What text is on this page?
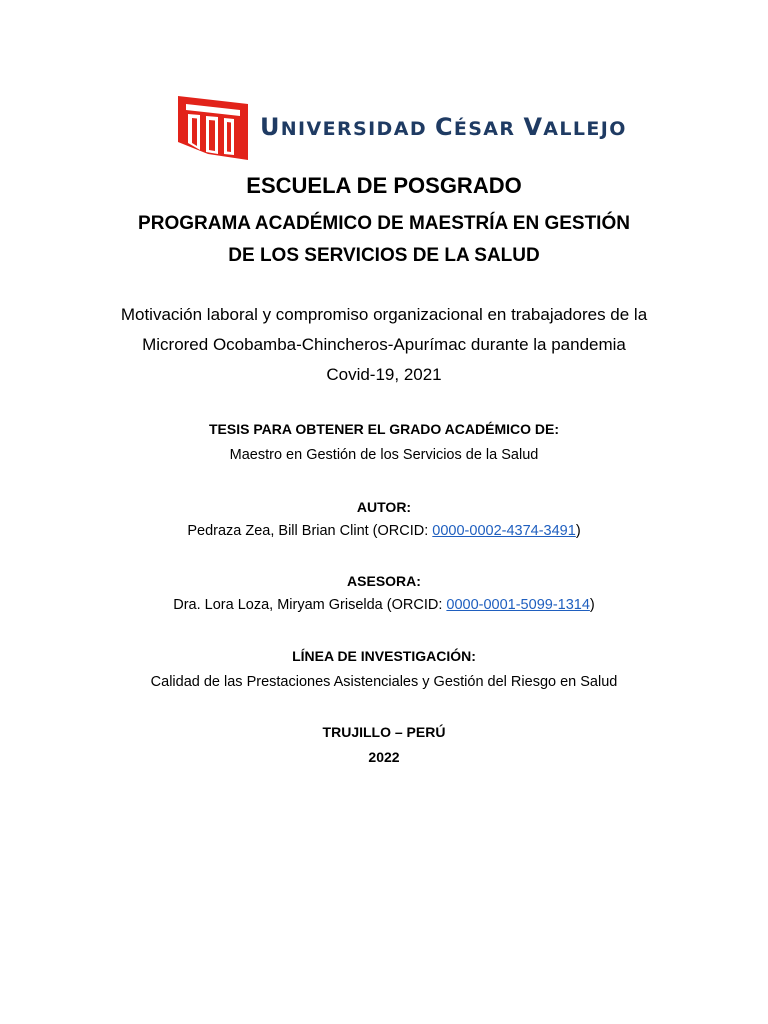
UNIVERSIDAD CÉSAR VALLEJO
ESCUELA DE POSGRADO
PROGRAMA ACADÉMICO DE MAESTRÍA EN GESTIÓN
DE LOS SERVICIOS DE LA SALUD
Motivación laboral y compromiso organizacional en trabajadores de la
Microred Ocobamba-Chincheros-Apurímac durante la pandemia
Covid-19, 2021
TESIS PARA OBTENER EL GRADO ACADÉMICO DE:
Maestro en Gestión de los Servicios de la Salud
AUTOR:
Pedraza Zea, Bill Brian Clint (ORCID: 0000-0002-4374-3491)
ASESORA:
Dra. Lora Loza, Miryam Griselda (ORCID: 0000-0001-5099-1314)
LÍNEA DE INVESTIGACIÓN:
Calidad de las Prestaciones Asistenciales y Gestión del Riesgo en Salud
TRUJILLO – PERÚ
2022
